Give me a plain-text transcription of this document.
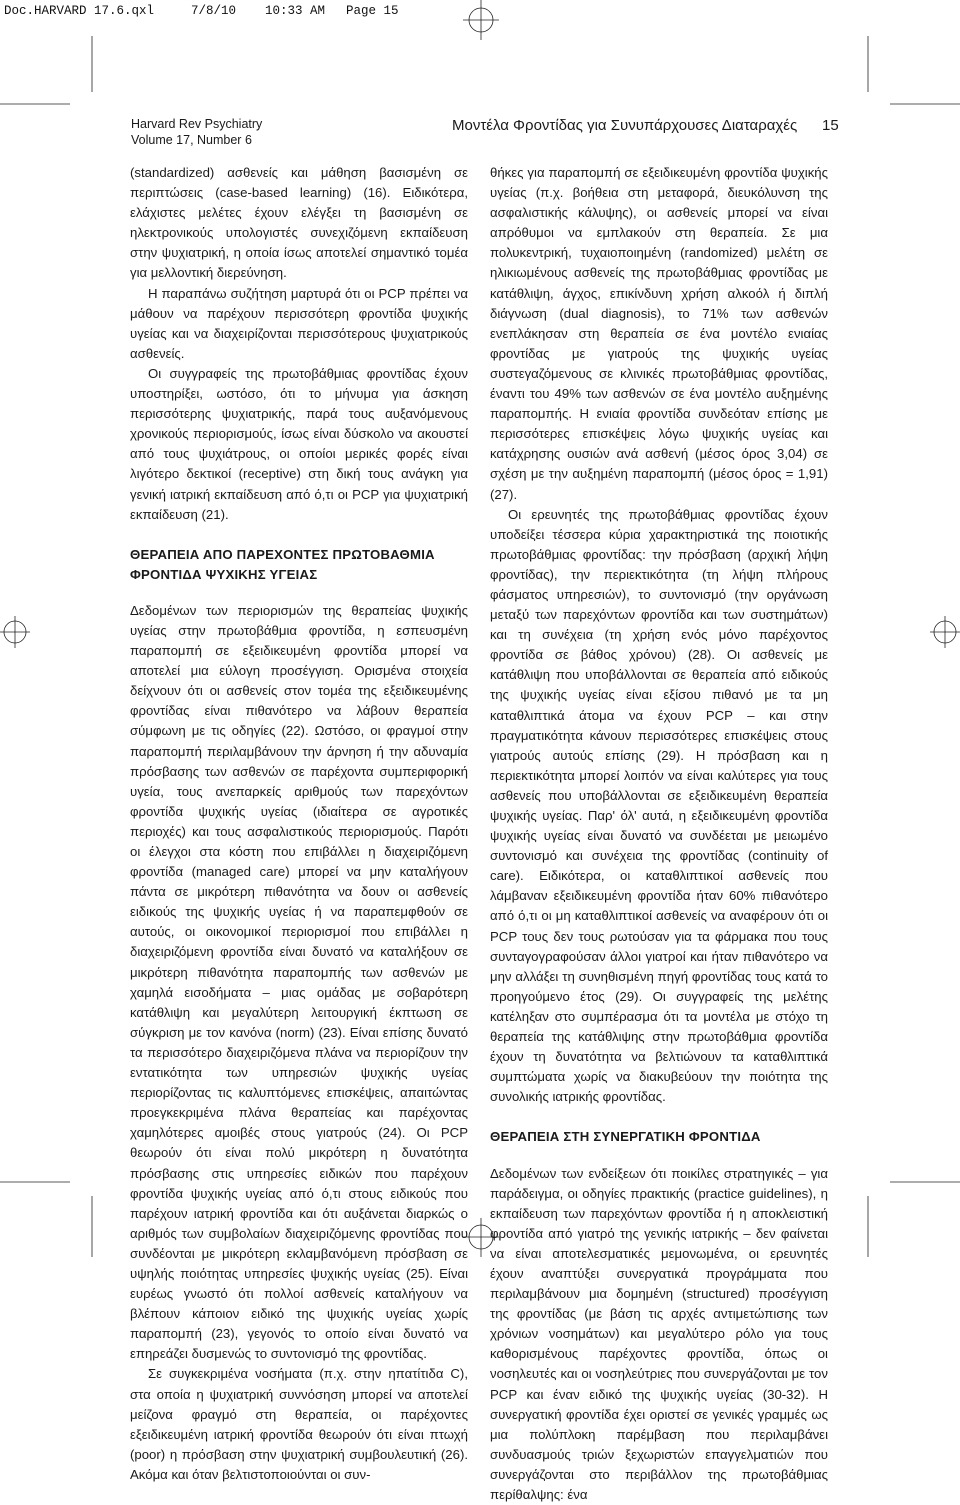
Doc.HARVARD 17.6.qxl	7/8/10 10:33 AM Page 15
Harvard Rev Psychiatry
Volume 17, Number 6
Μοντέλα Φροντίδας για Συνυπάρχουσες Διαταραχές 15

(standardized) ασθενείς και μάθηση βασισμένη σε περιπτώσεις (case-based learning) (16). Ειδικότερα, ελάχιστες μελέτες έχουν ελέγξει τη βασισμένη σε ηλεκτρονικούς υπολογιστές συνεχιζόμενη εκπαίδευση στην ψυχιατρική, η οποία ίσως αποτελεί σημαντικό τομέα για μελλοντική διερεύνηση.

Η παραπάνω συζήτηση μαρτυρά ότι οι PCP πρέπει να μάθουν να παρέχουν περισσότερη φροντίδα ψυχικής υγείας και να διαχειρίζονται περισσότερους ψυχιατρικούς ασθενείς.

Οι συγγραφείς της πρωτοβάθμιας φροντίδας έχουν υποστηρίξει, ωστόσο, ότι το μήνυμα για άσκηση περισσότερης ψυχιατρικής, παρά τους αυξανόμενους χρονικούς περιορισμούς, ίσως είναι δύσκολο να ακουστεί από τους ψυχιάτρους, οι οποίοι μερικές φορές είναι λιγότερο δεκτικοί (receptive) στη δική τους ανάγκη για γενική ιατρική εκπαίδευση από ό,τι οι PCP για ψυχιατρική εκπαίδευση (21).

ΘΕΡΑΠΕΙΑ ΑΠΟ ΠΑΡΕΧΟΝΤΕΣ ΠΡΩΤΟΒΑΘΜΙΑ ΦΡΟΝΤΙΔΑ ΨΥΧΙΚΗΣ ΥΓΕΙΑΣ

Δεδομένων των περιορισμών της θεραπείας ψυχικής υγείας στην πρωτοβάθμια φροντίδα, η εσπευσμένη παραπομπή σε εξειδικευμένη φροντίδα μπορεί να αποτελεί μια εύλογη προσέγγιση. Ορισμένα στοιχεία δείχνουν ότι οι ασθενείς στον τομέα της εξειδικευμένης φροντίδας είναι πιθανότερο να λάβουν θεραπεία σύμφωνη με τις οδηγίες (22). Ωστόσο, οι φραγμοί στην παραπομπή περιλαμβάνουν την άρνηση ή την αδυναμία πρόσβασης των ασθενών σε παρέχοντα συμπεριφορική υγεία, τους ανεπαρκείς αριθμούς των παρεχόντων φροντίδα ψυχικής υγείας (ιδιαίτερα σε αγροτικές περιοχές) και τους ασφαλιστικούς περιορισμούς. Παρότι οι έλεγχοι στα κόστη που επιβάλλει η διαχειριζόμενη φροντίδα (managed care) μπορεί να μην καταλήγουν πάντα σε μικρότερη πιθανότητα να δουν οι ασθενείς ειδικούς της ψυχικής υγείας ή να παραπεμφθούν σε αυτούς, οι οικονομικοί περιορισμοί που επιβάλλει η διαχειριζόμενη φροντίδα είναι δυνατό να καταλήξουν σε μικρότερη πιθανότητα παραπομπής των ασθενών με χαμηλά εισοδήματα – μιας ομάδας με σοβαρότερη κατάθλιψη και μεγαλύτερη λειτουργική έκπτωση σε σύγκριση με τον κανόνα (norm) (23). Είναι επίσης δυνατό τα περισσότερο διαχειριζόμενα πλάνα να περιορίζουν την εντατικότητα των υπηρεσιών ψυχικής υγείας περιορίζοντας τις καλυπτόμενες επισκέψεις, απαιτώντας προεγκεκριμένα πλάνα θεραπείας και παρέχοντας χαμηλότερες αμοιβές στους γιατρούς (24). Οι PCP θεωρούν ότι είναι πολύ μικρότερη η δυνατότητα πρόσβασης στις υπηρεσίες ειδικών που παρέχουν φροντίδα ψυχικής υγείας από ό,τι στους ειδικούς που παρέχουν ιατρική φροντίδα και ότι αυξάνεται διαρκώς ο αριθμός των συμβολαίων διαχειριζόμενης φροντίδας που συνδέονται με μικρότερη εκλαμβανόμενη πρόσβαση σε υψηλής ποιότητας υπηρεσίες ψυχικής υγείας (25). Είναι ευρέως γνωστό ότι πολλοί ασθενείς καταλήγουν να βλέπουν κάποιον ειδικό της ψυχικής υγείας χωρίς παραπομπή (23), γεγονός το οποίο είναι δυνατό να επηρεάζει δυσμενώς το συντονισμό της φροντίδας.

Σε συγκεκριμένα νοσήματα (π.χ. στην ηπατίτιδα C), στα οποία η ψυχιατρική συννόσηση μπορεί να αποτελεί μείζονα φραγμό στη θεραπεία, οι παρέχοντες εξειδικευμένη ιατρική φροντίδα θεωρούν ότι είναι πτωχή (poor) η πρόσβαση στην ψυχιατρική συμβουλευτική (26). Ακόμα και όταν βελτιστοποιούνται οι συν-

θήκες για παραπομπή σε εξειδικευμένη φροντίδα ψυχικής υγείας (π.χ. βοήθεια στη μεταφορά, διευκόλυνση της ασφαλιστικής κάλυψης), οι ασθενείς μπορεί να είναι απρόθυμοι να εμπλακούν στη θεραπεία. Σε μια πολυκεντρική, τυχαιοποιημένη (randomized) μελέτη σε ηλικιωμένους ασθενείς της πρωτοβάθμιας φροντίδας με κατάθλιψη, άγχος, επικίνδυνη χρήση αλκοόλ ή διπλή διάγνωση (dual diagnosis), το 71% των ασθενών ενεπλάκησαν στη θεραπεία σε ένα μοντέλο ενιαίας φροντίδας με γιατρούς της ψυχικής υγείας συστεγαζόμενους σε κλινικές πρωτοβάθμιας φροντίδας, έναντι του 49% των ασθενών σε ένα μοντέλο αυξημένης παραπομπής. Η ενιαία φροντίδα συνδεόταν επίσης με περισσότερες επισκέψεις λόγω ψυχικής υγείας και κατάχρησης ουσιών ανά ασθενή (μέσος όρος 3,04) σε σχέση με την αυξημένη παραπομπή (μέσος όρος = 1,91) (27).

Οι ερευνητές της πρωτοβάθμιας φροντίδας έχουν υποδείξει τέσσερα κύρια χαρακτηριστικά της ποιοτικής πρωτοβάθμιας φροντίδας: την πρόσβαση (αρχική λήψη φροντίδας), την περιεκτικότητα (τη λήψη πλήρους φάσματος υπηρεσιών), το συντονισμό (την οργάνωση μεταξύ των παρεχόντων φροντίδα και των συστημάτων) και τη συνέχεια (τη χρήση ενός μόνο παρέχοντος φροντίδα σε βάθος χρόνου) (28). Οι ασθενείς με κατάθλιψη που υποβάλλονται σε θεραπεία από ειδικούς της ψυχικής υγείας είναι εξίσου πιθανό με τα μη καταθλιπτικά άτομα να έχουν PCP – και στην πραγματικότητα κάνουν περισσότερες επισκέψεις στους γιατρούς αυτούς επίσης (29). Η πρόσβαση και η περιεκτικότητα μπορεί λοιπόν να είναι καλύτερες για τους ασθενείς που υποβάλλονται σε εξειδικευμένη θεραπεία ψυχικής υγείας. Παρ' όλ' αυτά, η εξειδικευμένη φροντίδα ψυχικής υγείας είναι δυνατό να συνδέεται με μειωμένο συντονισμό και συνέχεια της φροντίδας (continuity of care). Ειδικότερα, οι καταθλιπτικοί ασθενείς που λάμβαναν εξειδικευμένη φροντίδα ήταν 60% πιθανότερο από ό,τι οι μη καταθλιπτικοί ασθενείς να αναφέρουν ότι οι PCP τους δεν τους ρωτούσαν για τα φάρμακα που τους συνταγογραφούσαν άλλοι γιατροί και ήταν πιθανότερο να μην αλλάξει τη συνηθισμένη πηγή φροντίδας τους κατά το προηγούμενο έτος (29). Οι συγγραφείς της μελέτης κατέληξαν στο συμπέρασμα ότι τα μοντέλα με στόχο τη θεραπεία της κατάθλιψης στην πρωτοβάθμια φροντίδα έχουν τη δυνατότητα να βελτιώνουν τα καταθλιπτικά συμπτώματα χωρίς να διακυβεύουν την ποιότητα της συνολικής ιατρικής φροντίδας.

ΘΕΡΑΠΕΙΑ ΣΤΗ ΣΥΝΕΡΓΑΤΙΚΗ ΦΡΟΝΤΙΔΑ

Δεδομένων των ενδείξεων ότι ποικίλες στρατηγικές – για παράδειγμα, οι οδηγίες πρακτικής (practice guidelines), η εκπαίδευση των παρεχόντων φροντίδα ή η αποκλειστική φροντίδα από γιατρό της γενικής ιατρικής – δεν φαίνεται να είναι αποτελεσματικές μεμονωμένα, οι ερευνητές έχουν αναπτύξει συνεργατικά προγράμματα που περιλαμβάνουν μια δομημένη (structured) προσέγγιση της φροντίδας (με βάση τις αρχές αντιμετώπισης των χρόνιων νοσημάτων) και μεγαλύτερο ρόλο για τους καθορισμένους παρέχοντες φροντίδα, όπως οι νοσηλευτές και οι νοσηλεύτριες που συνεργάζονται με τον PCP και έναν ειδικό της ψυχικής υγείας (30-32). Η συνεργατική φροντίδα έχει οριστεί σε γενικές γραμμές ως μια πολύπλοκη παρέμβαση που περιλαμβάνει συνδυασμούς τριών ξεχωριστών επαγγελματιών που συνεργάζονται στο περιβάλλον της πρωτοβάθμιας περίθαλψης: ένα
